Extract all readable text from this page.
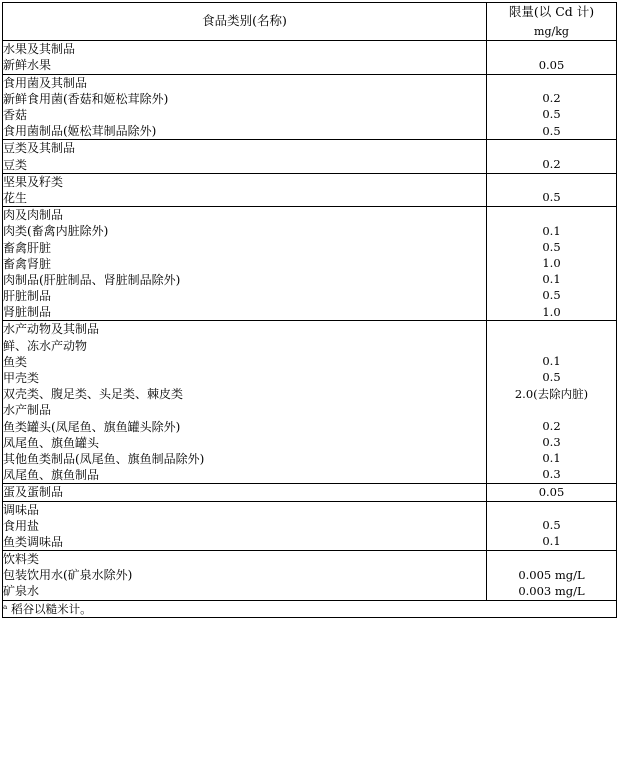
食品类别(名称)	限量(以 Cd 计)
mg/kg

水果及其制品	
新鲜水果	0.05
食用菌及其制品	
新鲜食用菌(香菇和姬松茸除外)	0.2
香菇	0.5
食用菌制品(姬松茸制品除外)	0.5
豆类及其制品	
豆类	0.2
坚果及籽类	
花生	0.5
肉及肉制品	
肉类(畜禽内脏除外)	0.1
畜禽肝脏	0.5
畜禽肾脏	1.0
肉制品(肝脏制品、肾脏制品除外)	0.1
肝脏制品	0.5
肾脏制品	1.0
水产动物及其制品	
鲜、冻水产动物	
鱼类	0.1
甲壳类	0.5
双壳类、腹足类、头足类、棘皮类	2.0(去除内脏)
水产制品	
鱼类罐头(凤尾鱼、旗鱼罐头除外)	0.2
凤尾鱼、旗鱼罐头	0.3
其他鱼类制品(凤尾鱼、旗鱼制品除外)	0.1
凤尾鱼、旗鱼制品	0.3
蛋及蛋制品	0.05
调味品	
食用盐	0.5
鱼类调味品	0.1
饮料类	
包装饮用水(矿泉水除外)	0.005 mg/L
矿泉水	0.003 mg/L
ᵃ 稻谷以糙米计。	
